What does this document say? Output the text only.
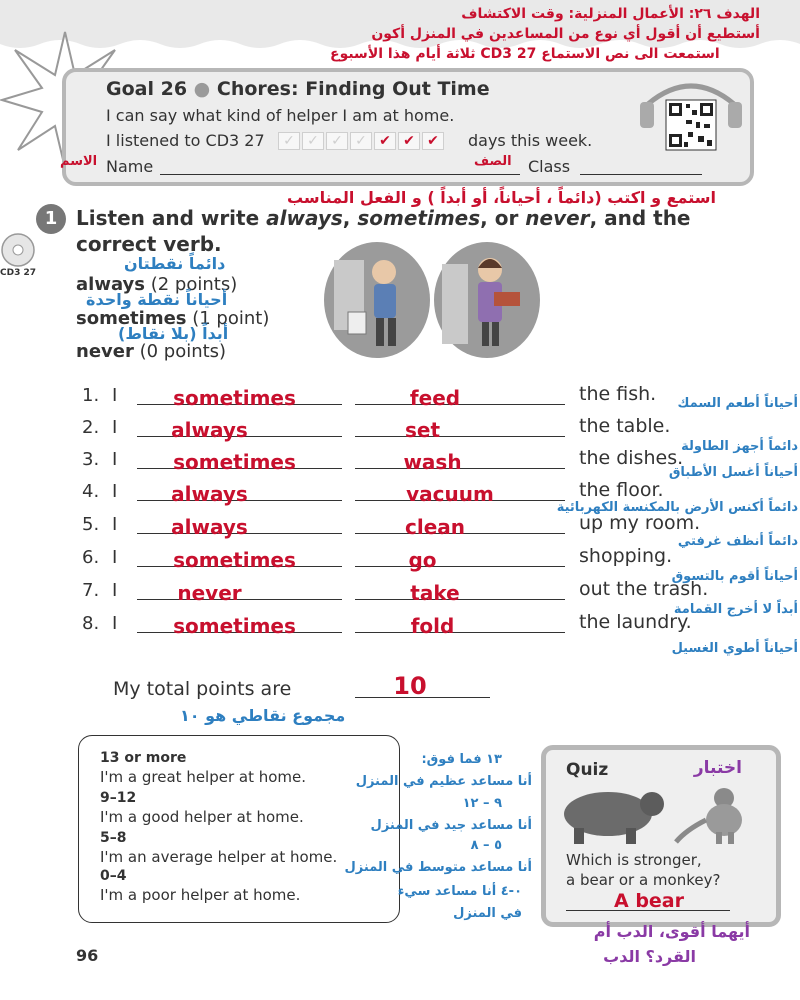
الهدف ٢٦: الأعمال المنزلية: وقت الاكتشاف
أستطيع أن أقول أي نوع من المساعدين في المنزل أكون
ثلاثة أيام هذا الأسبوع CD3 27 استمعت الى نص الاستماع
Goal 26 ● Chores: Finding Out Time
I can say what kind of helper I am at home.
I listened to CD3 27	✓ ✓ ✓ ✓ ✔ ✔ ✔	days this week.
الاسم Name	الصف Class
استمع و اكتب (دائماً ، أحياناً، أو أبداً ) و الفعل المناسب
1 Listen and write always, sometimes, or never, and the
correct verb.
CD3 27	دائماً نقطتان
always (2 points)
أحياناً نقطة واحدة
sometimes (1 point)
أبداً (بلا نقاط)
never (0 points)
1. I	sometimes	feed	the fish. أحياناً أطعم السمك
2. I	always	set	the table.
دائماً أجهز الطاولة
3. I	sometimes	wash	the dishes.
أحياناً أغسل الأطباق
4. I	always	vacuum	the floor.
دائماً أكنس الأرض بالمكنسة الكهربائية
5. I	always	clean	up my room.
دائماً أنظف غرفتي
6. I	sometimes	go	shopping.
أحياناً أقوم بالتسوق
7. I	never	take	out the trash.
أبداً لا أخرج القمامة
8. I	sometimes	fold	the laundry.
أحياناً أطوي الغسيل
My total points are	10
مجموع نقاطي هو ١٠
13 or more
I'm a great helper at home.
9–12
I'm a good helper at home.
5–8
I'm an average helper at home.
0–4
I'm a poor helper at home.
١٣ فما فوق:
أنا مساعد عظيم في المنزل
٩ – ١٢
أنا مساعد جيد في المنزل
٥ – ٨
أنا مساعد متوسط في المنزل
٠-٤ أنا مساعد سيء
في المنزل
Quiz	اختبار
Which is stronger,
a bear or a monkey?
A bear
أيهما أقوى، الدب أم
القرد؟ الدب
96
